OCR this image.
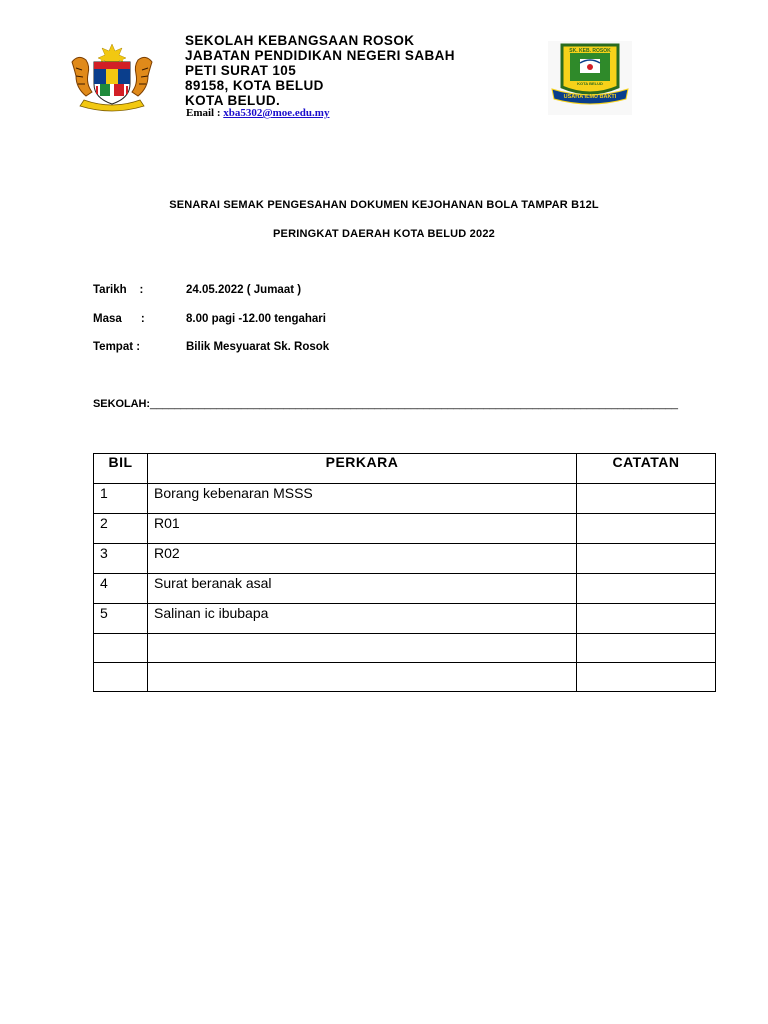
SK. KEB. ROSOK
KOTA BELUD
USAHA ILMU BAKTI
SEKOLAH KEBANGSAAN ROSOK
JABATAN PENDIDIKAN NEGERI SABAH
PETI SURAT 105
89158, KOTA BELUD
KOTA BELUD.
Email : xba5302@moe.edu.my
SENARAI SEMAK PENGESAHAN DOKUMEN KEJOHANAN BOLA TAMPAR B12L
PERINGKAT DAERAH KOTA BELUD 2022
Tarikh    :	24.05.2022 ( Jumaat )
Masa      :	8.00 pagi -12.00 tengahari
Tempat :	Bilik Mesyuarat Sk. Rosok
SEKOLAH:_______________________________________________________________________________________
BIL	PERKARA	CATATAN
1	Borang kebenaran MSSS	
2	R01	
3	R02	
4	Surat beranak asal	
5	Salinan ic ibubapa	
